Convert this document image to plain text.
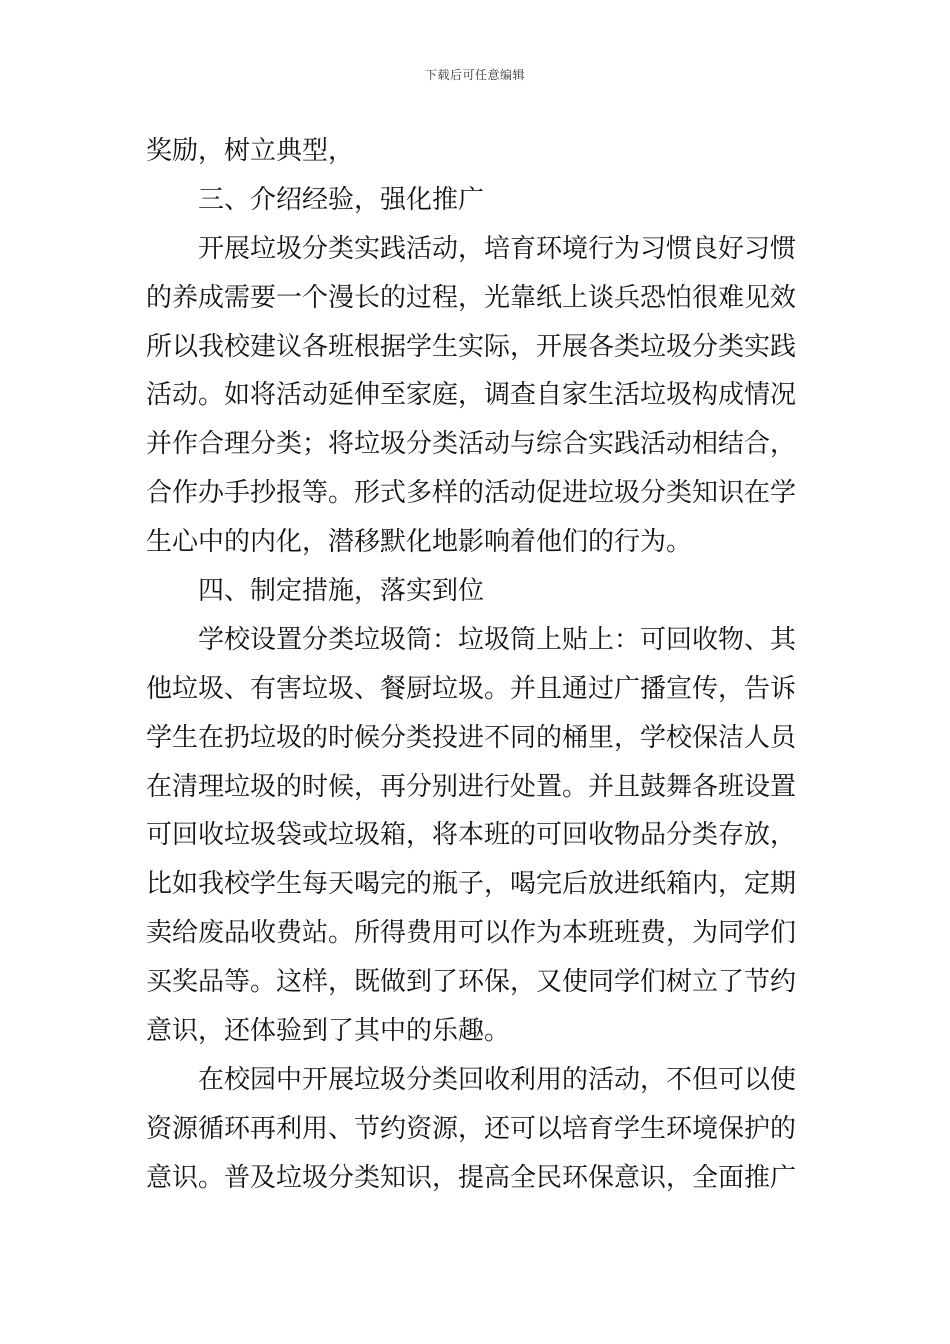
下载后可任意编辑
奖励，树立典型，
三、介绍经验，强化推广
开展垃圾分类实践活动，培育环境行为习惯良好习惯
的养成需要一个漫长的过程，光靠纸上谈兵恐怕很难见效
所以我校建议各班根据学生实际，开展各类垃圾分类实践
活动。如将活动延伸至家庭，调查自家生活垃圾构成情况
并作合理分类；将垃圾分类活动与综合实践活动相结合，
合作办手抄报等。形式多样的活动促进垃圾分类知识在学
生心中的内化，潜移默化地影响着他们的行为。
四、制定措施，落实到位
学校设置分类垃圾筒：垃圾筒上贴上：可回收物、其
他垃圾、有害垃圾、餐厨垃圾。并且通过广播宣传，告诉
学生在扔垃圾的时候分类投进不同的桶里，学校保洁人员
在清理垃圾的时候，再分别进行处置。并且鼓舞各班设置
可回收垃圾袋或垃圾箱，将本班的可回收物品分类存放，
比如我校学生每天喝完的瓶子，喝完后放进纸箱内，定期
卖给废品收费站。所得费用可以作为本班班费，为同学们
买奖品等。这样，既做到了环保，又使同学们树立了节约
意识，还体验到了其中的乐趣。
在校园中开展垃圾分类回收利用的活动，不但可以使
资源循环再利用、节约资源，还可以培育学生环境保护的
意识。普及垃圾分类知识，提高全民环保意识，全面推广
